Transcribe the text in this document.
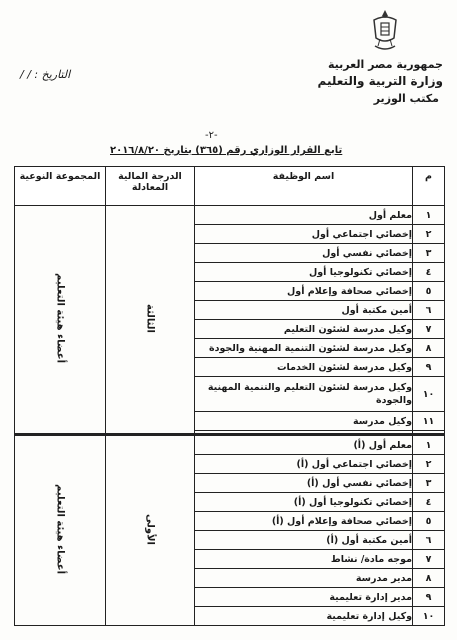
جمهورية مصر العربية
وزارة التربية والتعليم
مكتب الوزير
التاريخ : / /
-٢-
تابع القرار الوزاري رقم (٣٦٥) بتاريخ ٢٠١٦/٨/٢٠
م	اسم الوظيفة	الدرجة المالية المعادلة	المجموعة النوعية
١	معلم أول	الثالثة	أعضاء هيئة التعليم
٢	إخصائي اجتماعي أول		
٣	إخصائي نفسي أول		
٤	إخصائي تكنولوجيا أول		
٥	إخصائي صحافة وإعلام أول		
٦	أمين مكتبة أول		
٧	وكيل مدرسة لشئون التعليم		
٨	وكيل مدرسة لشئون التنمية المهنية والجودة		
٩	وكيل مدرسة لشئون الخدمات		
١٠	وكيل مدرسة لشئون التعليم والتنمية المهنية والجودة		
١١	وكيل مدرسة		

١	معلم أول (أ)	الأولى	أعضاء هيئة التعليم
٢	إخصائي اجتماعي أول (أ)		
٣	إخصائي نفسي أول (أ)		
٤	إخصائي تكنولوجيا أول (أ)		
٥	إخصائي صحافة وإعلام أول (أ)		
٦	أمين مكتبة أول (أ)		
٧	موجه مادة/ نشاط		
٨	مدير مدرسة		
٩	مدير إدارة تعليمية		
١٠	وكيل إدارة تعليمية		
